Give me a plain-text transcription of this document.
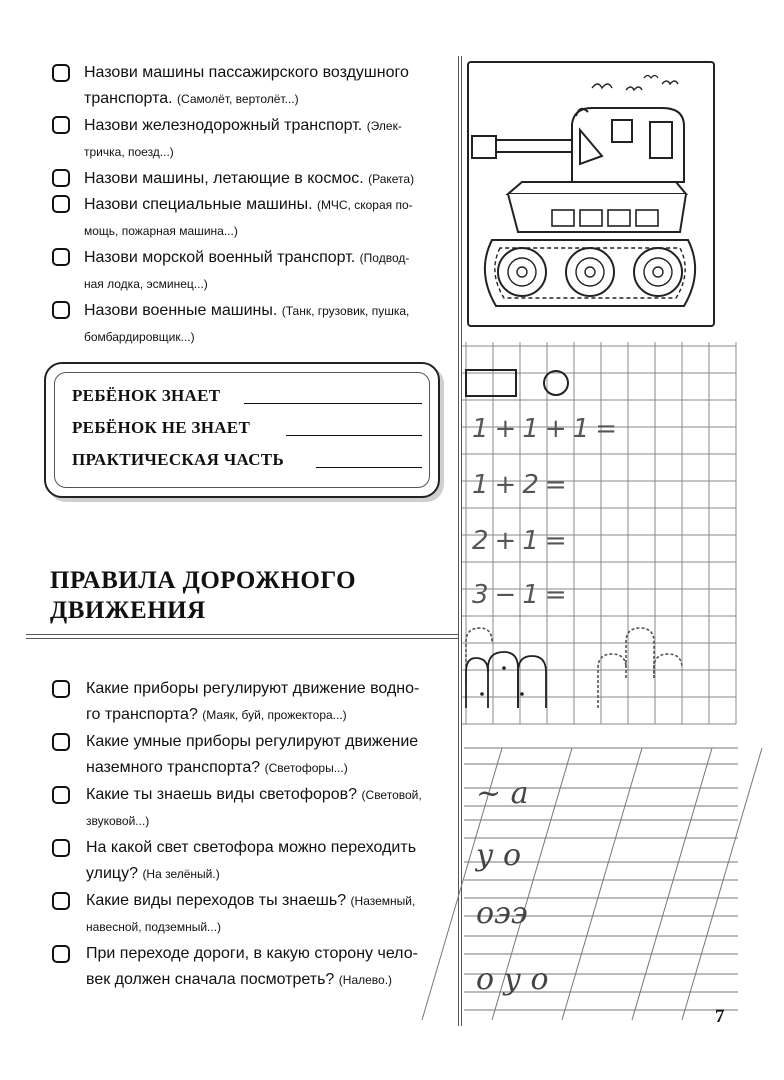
Назови машины пассажирского воздушного
транспорта. (Самолёт, вертолёт...)
Назови железнодорожный транспорт. (Элек-
тричка, поезд...)
Назови машины, летающие в космос. (Ракета)
Назови специальные машины. (МЧС, скорая по-
мощь, пожарная машина...)
Назови морской военный транспорт. (Подвод-
ная лодка, эсминец...)
Назови военные машины. (Танк, грузовик, пушка,
бомбардировщик...)
РЕБЁНОК ЗНАЕТ
РЕБЁНОК НЕ ЗНАЕТ
ПРАКТИЧЕСКАЯ ЧАСТЬ
ПРАВИЛА ДОРОЖНОГО
ДВИЖЕНИЯ
Какие приборы регулируют движение водно-
го транспорта? (Маяк, буй, прожектора...)
Какие умные приборы регулируют движение
наземного транспорта? (Светофоры...)
Какие ты знаешь виды светофоров? (Световой,
звуковой...)
На какой свет светофора можно переходить
улицу? (На зелёный.)
Какие виды переходов ты знаешь? (Наземный,
навесной, подземный...)
При переходе дороги, в какую сторону чело-
век должен сначала посмотреть? (Налево.)
1+1+1=
1+2=
2+1=
3−1=
~ а
у о
оээ
о у о
7
